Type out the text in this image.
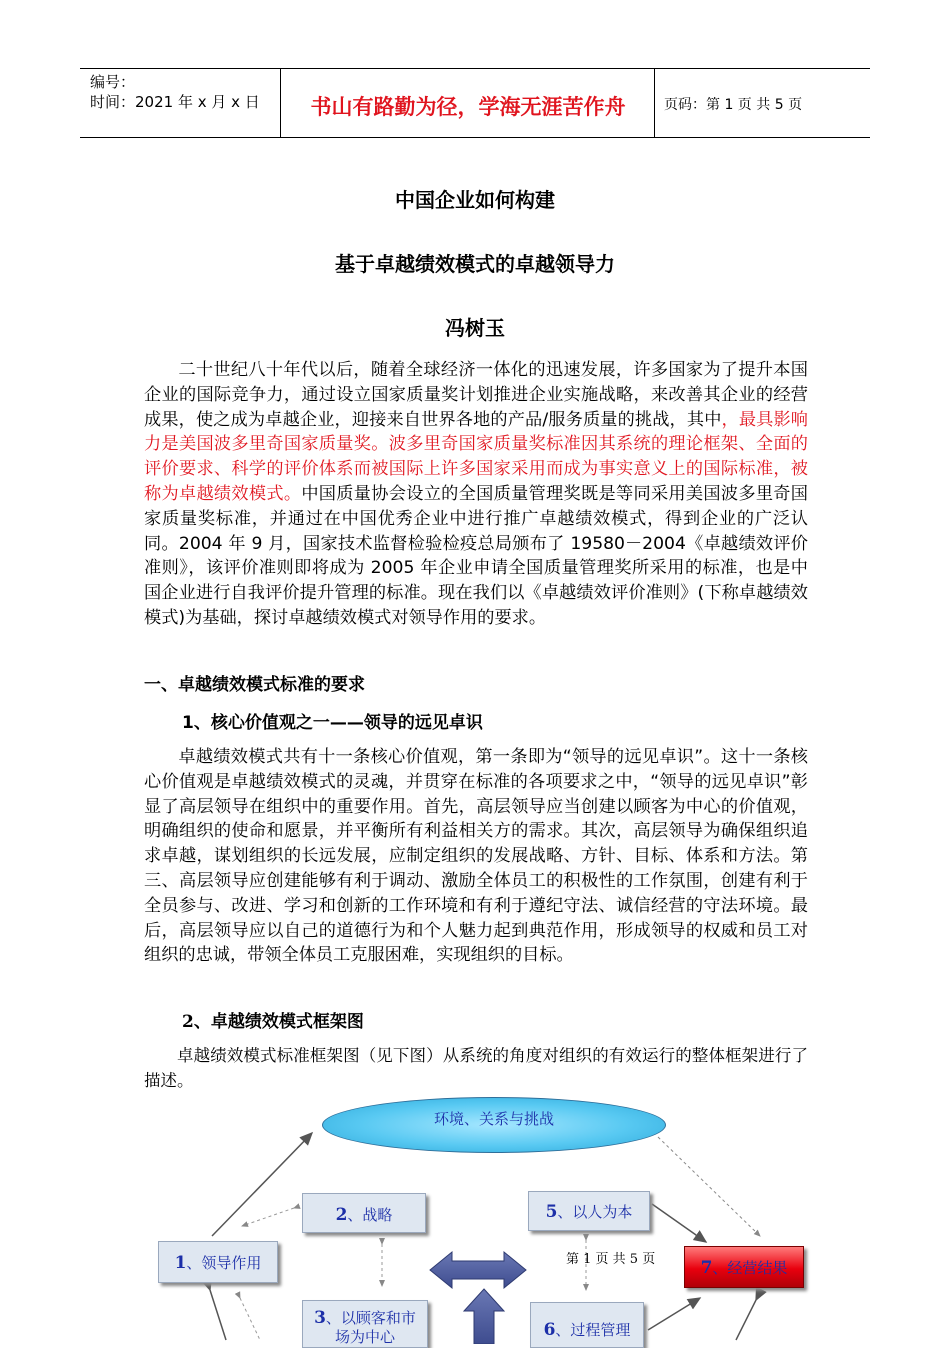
编号：
时间：2021 年 x 月 x 日	书山有路勤为径，学海无涯苦作舟	页码：第 1 页 共 5 页
中国企业如何构建
基于卓越绩效模式的卓越领导力
冯树玉

二十世纪八十年代以后，随着全球经济一体化的迅速发展，许多国家为了提升本国企业的国际竞争力，通过设立国家质量奖计划推进企业实施战略，来改善其企业的经营成果，使之成为卓越企业，迎接来自世界各地的产品/服务质量的挑战，其中，最具影响力是美国波多里奇国家质量奖。波多里奇国家质量奖标准因其系统的理论框架、全面的评价要求、科学的评价体系而被国际上许多国家采用而成为事实意义上的国际标准，被称为卓越绩效模式。中国质量协会设立的全国质量管理奖既是等同采用美国波多里奇国家质量奖标准，并通过在中国优秀企业中进行推广卓越绩效模式，得到企业的广泛认同。2004 年 9 月，国家技术监督检验检疫总局颁布了 19580－2004《卓越绩效评价准则》，该评价准则即将成为 2005 年企业申请全国质量管理奖所采用的标准，也是中国企业进行自我评价提升管理的标准。现在我们以《卓越绩效评价准则》(下称卓越绩效模式)为基础，探讨卓越绩效模式对领导作用的要求。

一、卓越绩效模式标准的要求
1、核心价值观之一——领导的远见卓识

卓越绩效模式共有十一条核心价值观，第一条即为“领导的远见卓识”。这十一条核心价值观是卓越绩效模式的灵魂，并贯穿在标准的各项要求之中，“领导的远见卓识”彰显了高层领导在组织中的重要作用。首先，高层领导应当创建以顾客为中心的价值观，明确组织的使命和愿景，并平衡所有利益相关方的需求。其次，高层领导为确保组织追求卓越，谋划组织的长远发展，应制定组织的发展战略、方针、目标、体系和方法。第三、高层领导应创建能够有利于调动、激励全体员工的积极性的工作氛围，创建有利于全员参与、改进、学习和创新的工作环境和有利于遵纪守法、诚信经营的守法环境。最后，高层领导应以自己的道德行为和个人魅力起到典范作用，形成领导的权威和员工对组织的忠诚，带领全体员工克服困难，实现组织的目标。

2、卓越绩效模式框架图

卓越绩效模式标准框架图（见下图）从系统的角度对组织的有效运行的整体框架进行了描述。

环境、关系与挑战
2、战略
1、领导作用
5、以人为本
3、以顾客和市
场为中心	6、过程管理
7、经营结果
第 1 页 共 5 页
